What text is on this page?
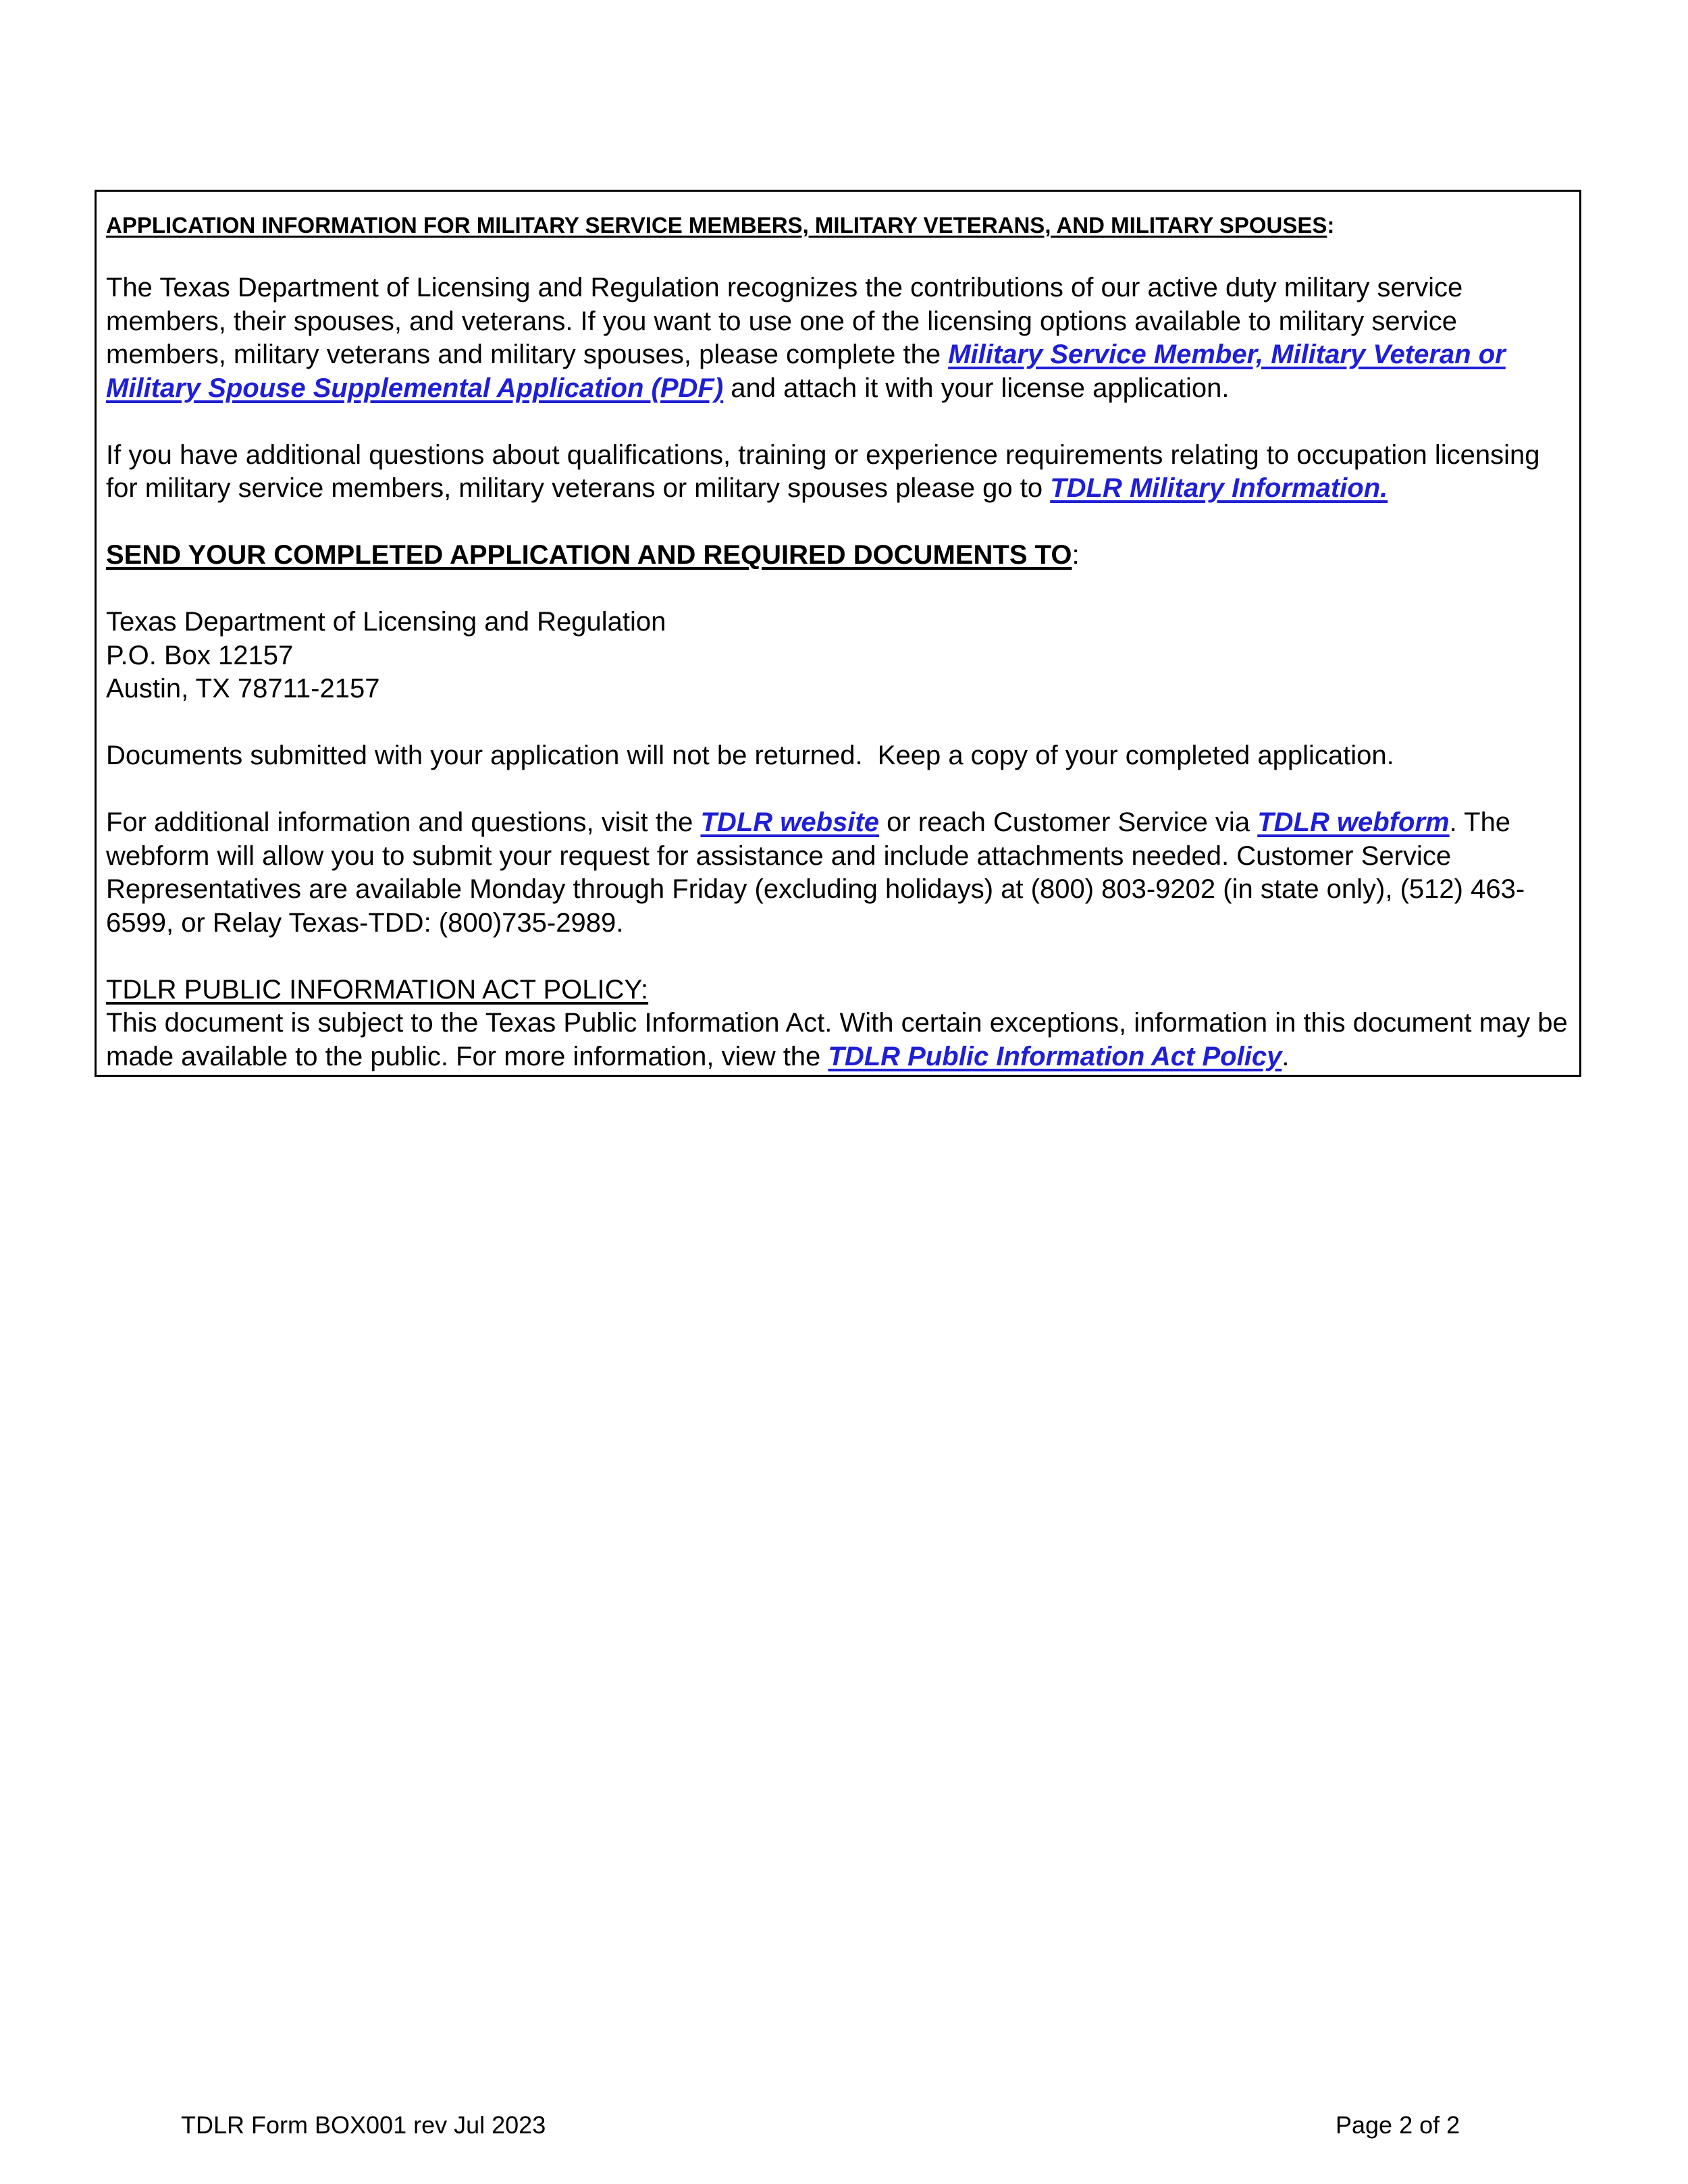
APPLICATION INFORMATION FOR MILITARY SERVICE MEMBERS, MILITARY VETERANS, AND MILITARY SPOUSES:

The Texas Department of Licensing and Regulation recognizes the contributions of our active duty military service members, their spouses, and veterans. If you want to use one of the licensing options available to military service members, military veterans and military spouses, please complete the Military Service Member, Military Veteran or Military Spouse Supplemental Application (PDF) and attach it with your license application.

If you have additional questions about qualifications, training or experience requirements relating to occupation licensing for military service members, military veterans or military spouses please go to TDLR Military Information.

SEND YOUR COMPLETED APPLICATION AND REQUIRED DOCUMENTS TO:

Texas Department of Licensing and Regulation
P.O. Box 12157
Austin, TX 78711-2157

Documents submitted with your application will not be returned.  Keep a copy of your completed application.

For additional information and questions, visit the TDLR website or reach Customer Service via TDLR webform. The webform will allow you to submit your request for assistance and include attachments needed. Customer Service Representatives are available Monday through Friday (excluding holidays) at (800) 803-9202 (in state only), (512) 463-6599, or Relay Texas-TDD: (800)735-2989.

TDLR PUBLIC INFORMATION ACT POLICY:

This document is subject to the Texas Public Information Act. With certain exceptions, information in this document may be made available to the public. For more information, view the TDLR Public Information Act Policy.

TDLR Form BOX001 rev Jul 2023	Page 2 of 2
